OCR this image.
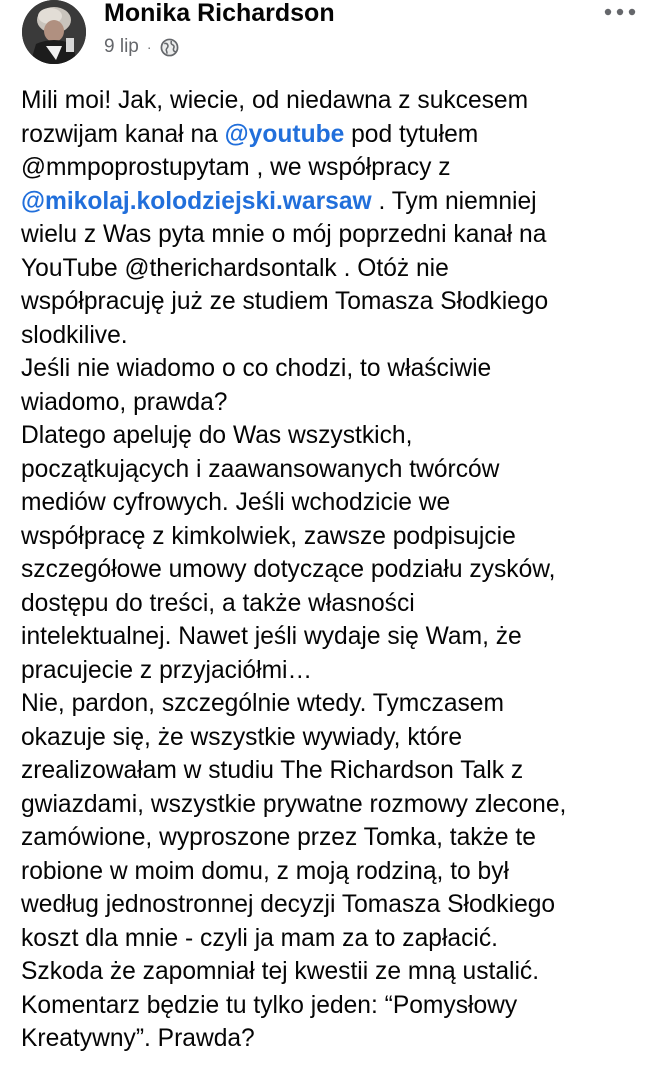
Monika Richardson
9 lip ·
Mili moi! Jak, wiecie, od niedawna z sukcesem
rozwijam kanał na @youtube pod tytułem
@mmpoprostupytam , we współpracy z
@mikolaj.kolodziejski.warsaw . Tym niemniej
wielu z Was pyta mnie o mój poprzedni kanał na
YouTube @therichardsontalk . Otóż nie
współpracuję już ze studiem Tomasza Słodkiego
slodkilive.
Jeśli nie wiadomo o co chodzi, to właściwie
wiadomo, prawda?
Dlatego apeluję do Was wszystkich,
początkujących i zaawansowanych twórców
mediów cyfrowych. Jeśli wchodzicie we
współpracę z kimkolwiek, zawsze podpisujcie
szczegółowe umowy dotyczące podziału zysków,
dostępu do treści, a także własności
intelektualnej. Nawet jeśli wydaje się Wam, że
pracujecie z przyjaciółmi…
Nie, pardon, szczególnie wtedy. Tymczasem
okazuje się, że wszystkie wywiady, które
zrealizowałam w studiu The Richardson Talk z
gwiazdami, wszystkie prywatne rozmowy zlecone,
zamówione, wyproszone przez Tomka, także te
robione w moim domu, z moją rodziną, to był
według jednostronnej decyzji Tomasza Słodkiego
koszt dla mnie - czyli ja mam za to zapłacić.
Szkoda że zapomniał tej kwestii ze mną ustalić.
Komentarz będzie tu tylko jeden: “Pomysłowy
Kreatywny”. Prawda?
